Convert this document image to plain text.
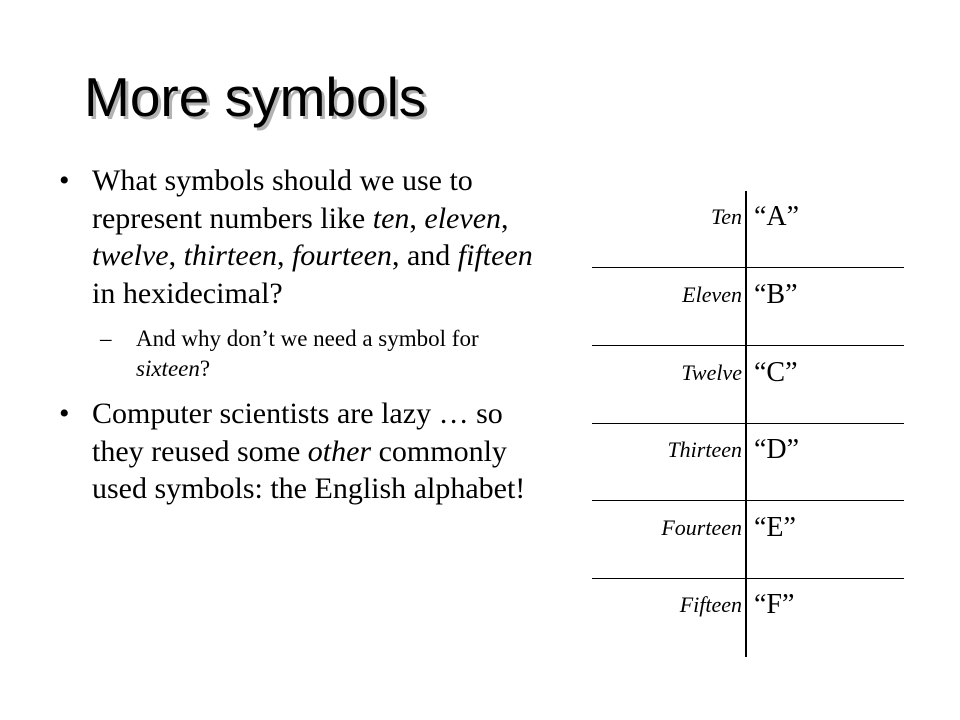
More symbols
• What symbols should we use to represent numbers like ten, eleven, twelve, thirteen, fourteen, and fifteen in hexidecimal?
– And why don’t we need a symbol for sixteen?
• Computer scientists are lazy … so they reused some other commonly used symbols: the English alphabet!
Ten “A”
Eleven “B”
Twelve “C”
Thirteen “D”
Fourteen “E”
Fifteen “F”
